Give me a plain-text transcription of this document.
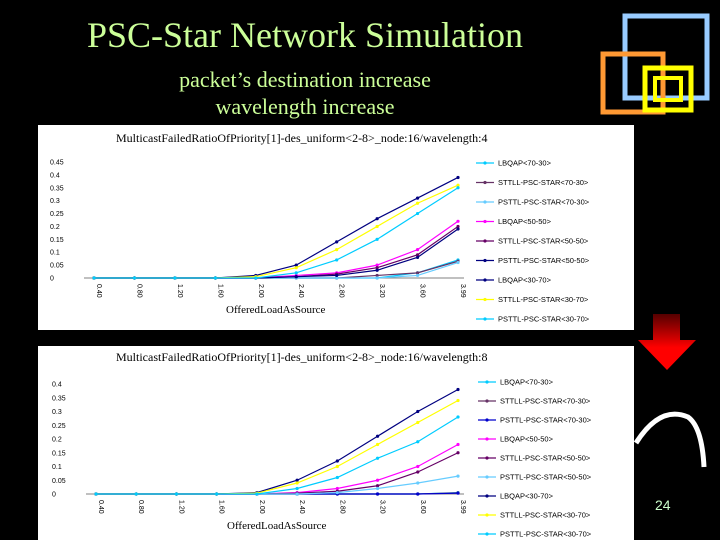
PSC-Star Network Simulation
packet’s destination increase
wavelength increase
MulticastFailedRatioOfPriority[1]-des_uniform<2-8>_node:16/wavelength:4
0.45
0.4
0.35
0.3
0.25
0.2
0.15
0.1
0.05
0
0.40	0.80	1.20	1.60	2.00	2.40	2.80	3.20	3.60	3.99
OfferedLoadAsSource
LBQAP<70-30>
STTLL-PSC-STAR<70-30>
PSTTL-PSC-STAR<70-30>
LBQAP<50-50>
STTLL-PSC-STAR<50-50>
PSTTL-PSC-STAR<50-50>
LBQAP<30-70>
STTLL-PSC-STAR<30-70>
PSTTL-PSC-STAR<30-70>
MulticastFailedRatioOfPriority[1]-des_uniform<2-8>_node:16/wavelength:8
0.4
0.35
0.3
0.25
0.2
0.15
0.1
0.05
0
0.40	0.80	1.20	1.60	2.00	2.40	2.80	3.20	3.60	3.99
OfferedLoadAsSource
LBQAP<70-30>
STTLL-PSC-STAR<70-30>
PSTTL-PSC-STAR<70-30>
LBQAP<50-50>
STTLL-PSC-STAR<50-50>
PSTTL-PSC-STAR<50-50>
LBQAP<30-70>
STTLL-PSC-STAR<30-70>
PSTTL-PSC-STAR<30-70>
24
